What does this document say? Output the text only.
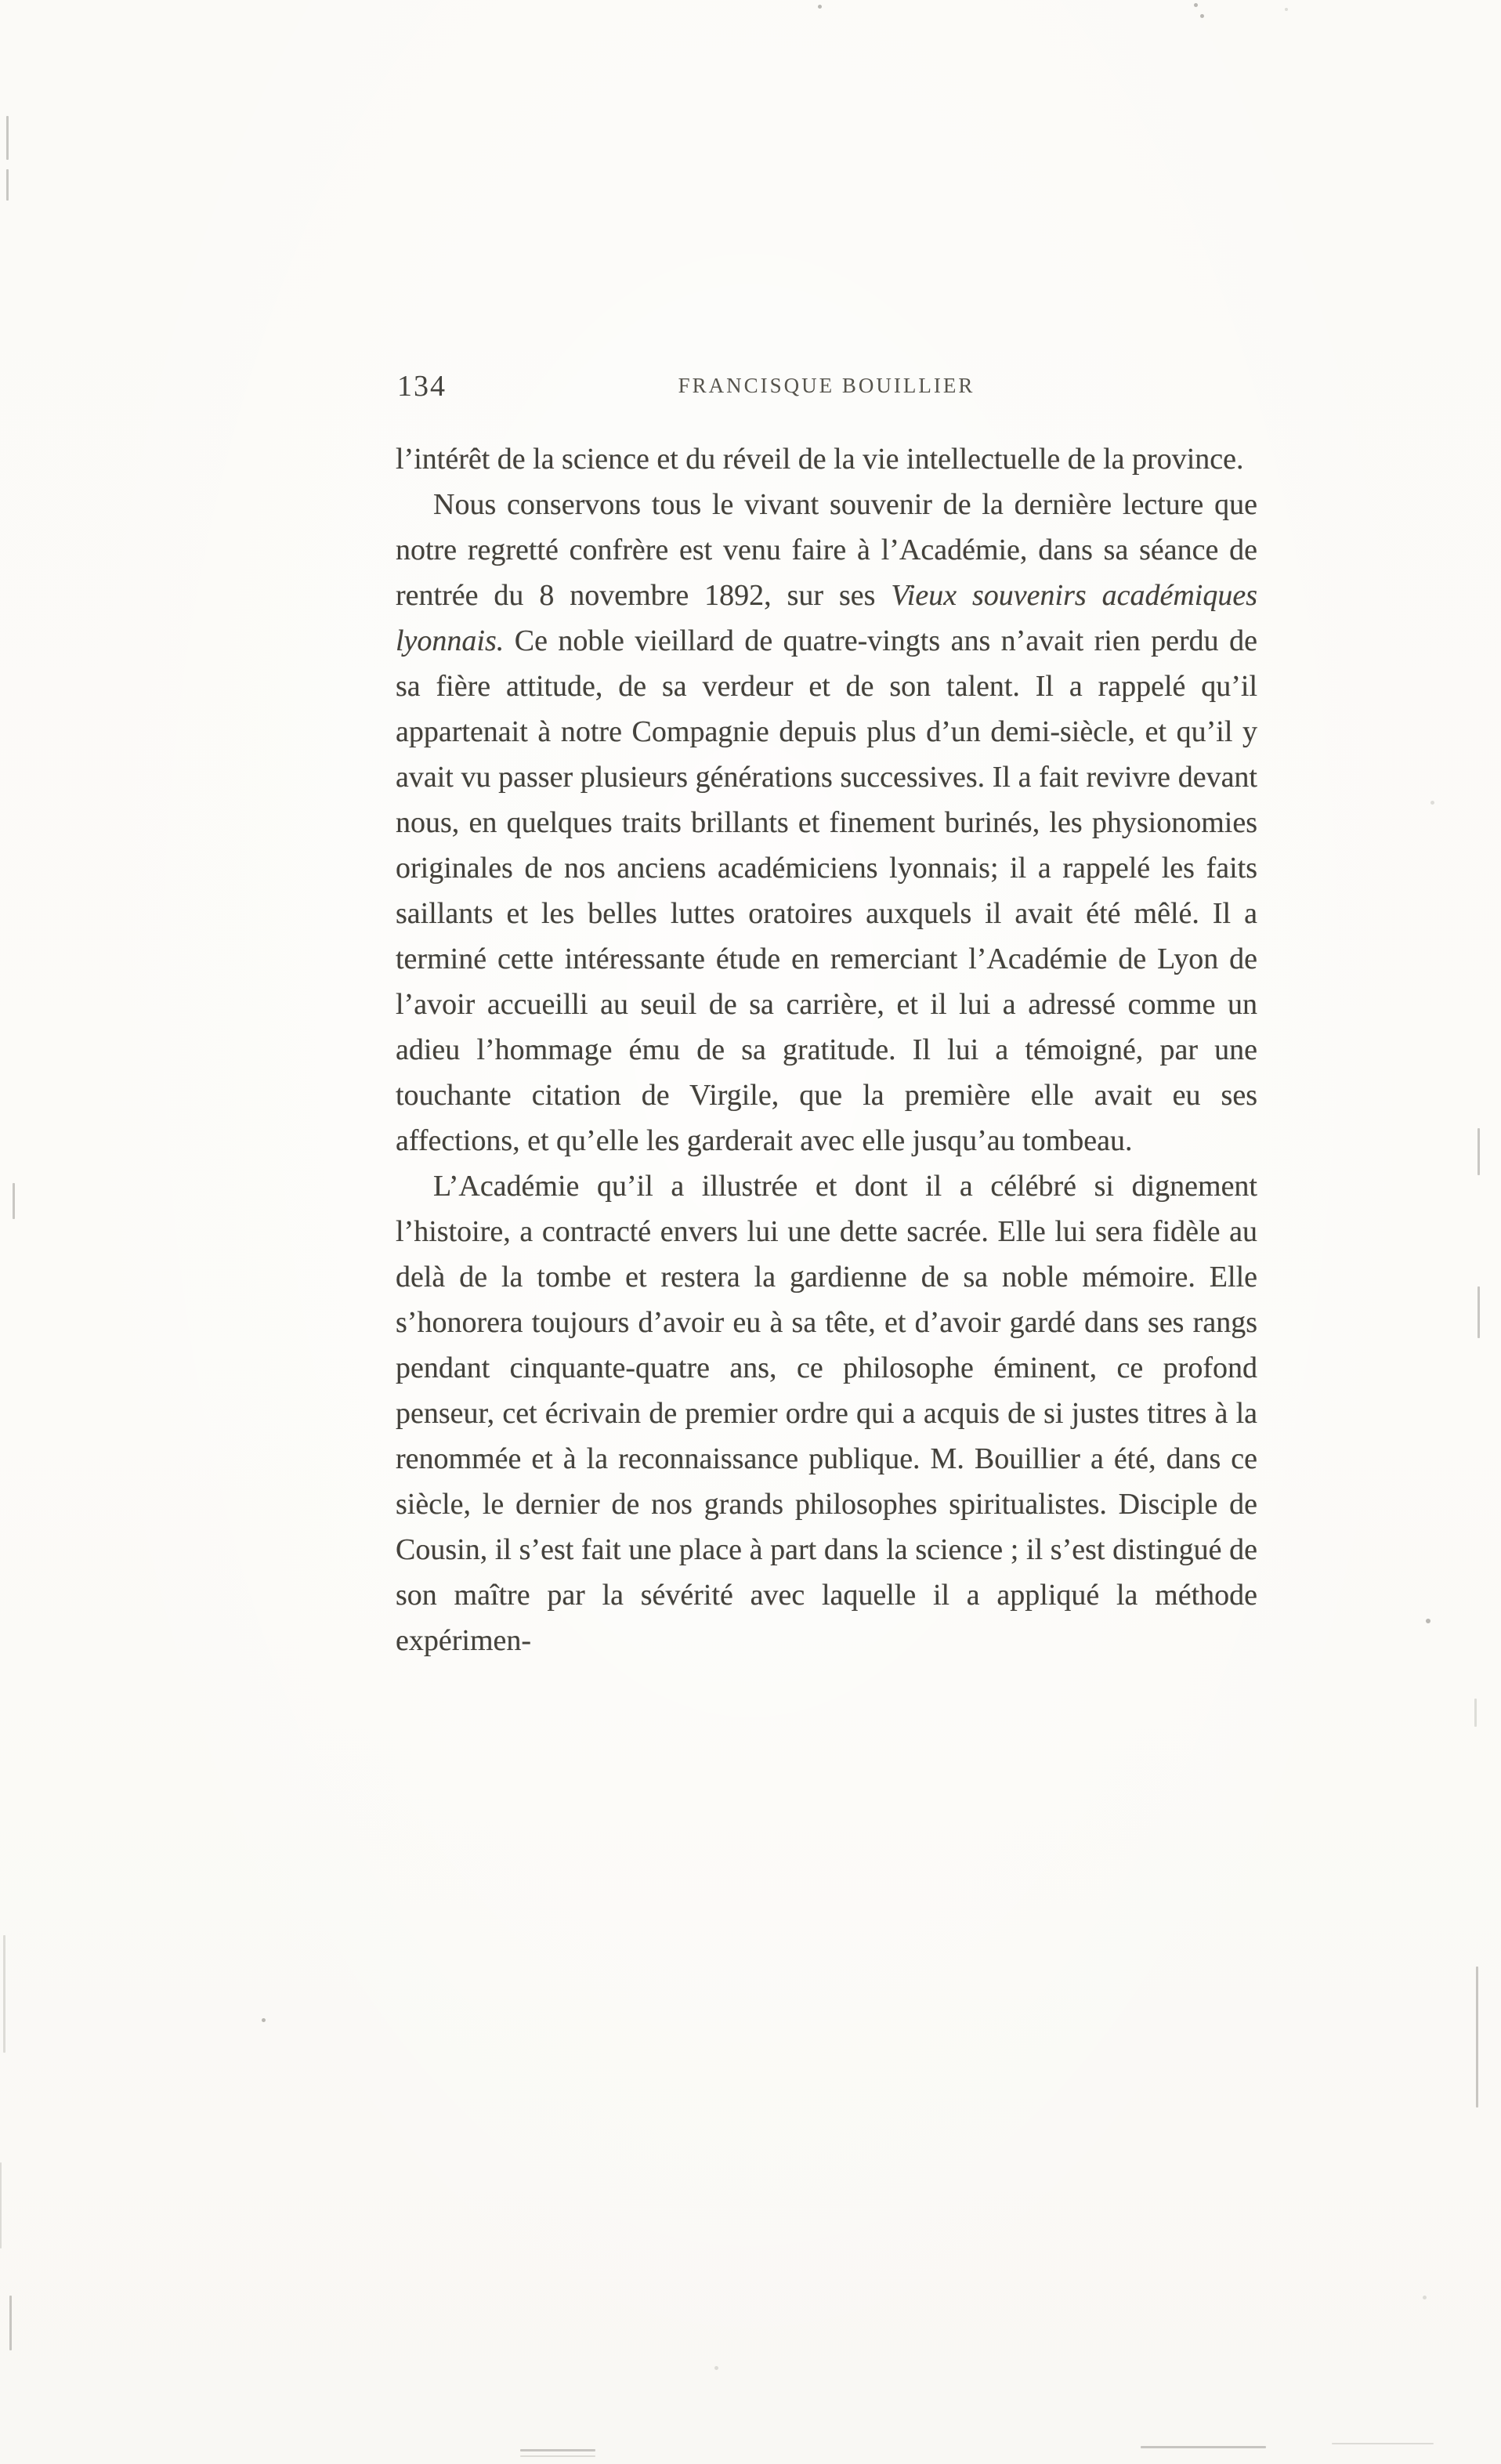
134	FRANCISQUE BOUILLIER

l’intérêt de la science et du réveil de la vie intellectuelle de la province.

Nous conservons tous le vivant souvenir de la dernière lecture que notre regretté confrère est venu faire à l’Académie, dans sa séance de rentrée du 8 novembre 1892, sur ses Vieux souvenirs académiques lyonnais. Ce noble vieillard de quatre-vingts ans n’avait rien perdu de sa fière attitude, de sa verdeur et de son talent. Il a rappelé qu’il appartenait à notre Compagnie depuis plus d’un demi-siècle, et qu’il y avait vu passer plusieurs générations successives. Il a fait revivre devant nous, en quelques traits brillants et finement burinés, les physionomies originales de nos anciens académiciens lyonnais; il a rappelé les faits saillants et les belles luttes oratoires auxquels il avait été mêlé. Il a terminé cette intéressante étude en remerciant l’Académie de Lyon de l’avoir accueilli au seuil de sa carrière, et il lui a adressé comme un adieu l’hommage ému de sa gratitude. Il lui a témoigné, par une touchante citation de Virgile, que la première elle avait eu ses affections, et qu’elle les garderait avec elle jusqu’au tombeau.

L’Académie qu’il a illustrée et dont il a célébré si dignement l’histoire, a contracté envers lui une dette sacrée. Elle lui sera fidèle au delà de la tombe et restera la gardienne de sa noble mémoire. Elle s’honorera toujours d’avoir eu à sa tête, et d’avoir gardé dans ses rangs pendant cinquante-quatre ans, ce philosophe éminent, ce profond penseur, cet écrivain de premier ordre qui a acquis de si justes titres à la renommée et à la reconnaissance publique. M. Bouillier a été, dans ce siècle, le dernier de nos grands philosophes spiritualistes. Disciple de Cousin, il s’est fait une place à part dans la science ; il s’est distingué de son maître par la sévérité avec laquelle il a appliqué la méthode expérimen-
